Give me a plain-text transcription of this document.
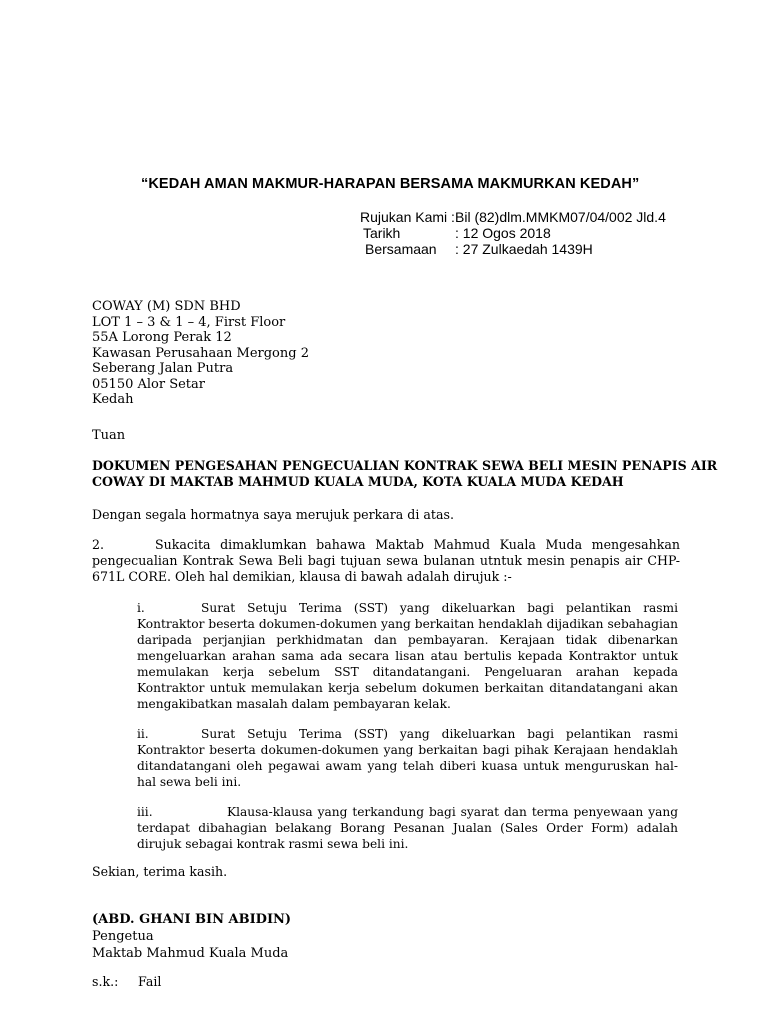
“KEDAH AMAN MAKMUR-HARAPAN BERSAMA MAKMURKAN KEDAH”
Rujukan Kami : Bil (82)dlm.MMKM07/04/002 Jld.4
Tarikh	: 12 Ogos 2018
Bersamaan : 27 Zulkaedah 1439H
COWAY (M) SDN BHD
LOT 1 – 3 & 1 – 4, First Floor
55A Lorong Perak 12
Kawasan Perusahaan Mergong 2
Seberang Jalan Putra
05150 Alor Setar
Kedah
Tuan
DOKUMEN PENGESAHAN PENGECUALIAN KONTRAK SEWA BELI MESIN PENAPIS AIR
COWAY DI MAKTAB MAHMUD KUALA MUDA, KOTA KUALA MUDA KEDAH
Dengan segala hormatnya saya merujuk perkara di atas.
2.	Sukacita dimaklumkan bahawa Maktab Mahmud Kuala Muda mengesahkan pengecualian Kontrak Sewa Beli bagi tujuan sewa bulanan utntuk mesin penapis air CHP-671L CORE. Oleh hal demikian, klausa di bawah adalah dirujuk :-
i.	Surat Setuju Terima (SST) yang dikeluarkan bagi pelantikan rasmi Kontraktor beserta dokumen-dokumen yang berkaitan hendaklah dijadikan sebahagian daripada perjanjian perkhidmatan dan pembayaran. Kerajaan tidak dibenarkan mengeluarkan arahan sama ada secara lisan atau bertulis kepada Kontraktor untuk memulakan kerja sebelum SST ditandatangani. Pengeluaran arahan kepada Kontraktor untuk memulakan kerja sebelum dokumen berkaitan ditandatangani akan mengakibatkan masalah dalam pembayaran kelak.
ii.	Surat Setuju Terima (SST) yang dikeluarkan bagi pelantikan rasmi Kontraktor beserta dokumen-dokumen yang berkaitan bagi pihak Kerajaan hendaklah ditandatangani oleh pegawai awam yang telah diberi kuasa untuk menguruskan hal-hal sewa beli ini.
iii.	Klausa-klausa yang terkandung bagi syarat dan terma penyewaan yang terdapat dibahagian belakang Borang Pesanan Jualan (Sales Order Form) adalah dirujuk sebagai kontrak rasmi sewa beli ini.
Sekian, terima kasih.
(ABD. GHANI BIN ABIDIN)
Pengetua
Maktab Mahmud Kuala Muda
s.k.: Fail
